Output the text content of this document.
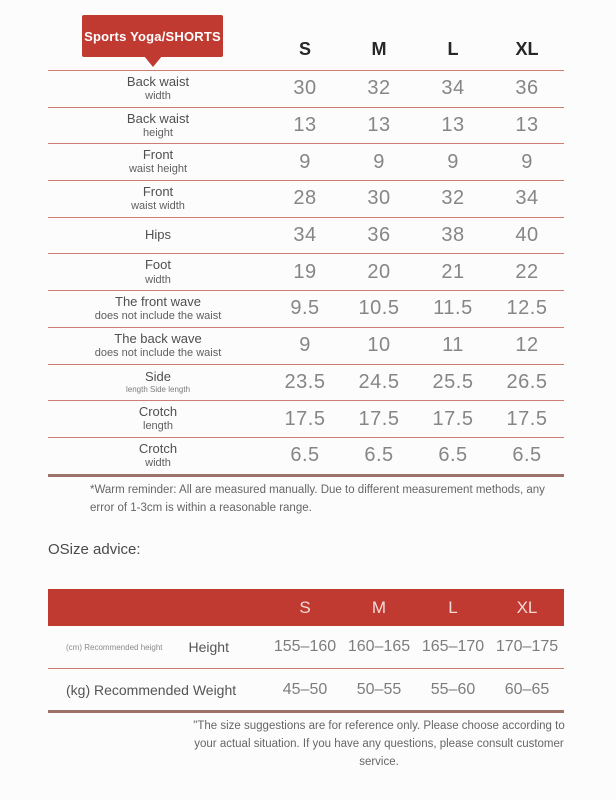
Sports Yoga/SHORTS
S	M	L	XL
Back waist
width	30	32	34	36
Back waist
height	13	13	13	13
Front
waist height	9	9	9	9
Front
waist width	28	30	32	34
Hips	34	36	38	40
Foot
width	19	20	21	22
The front wave
does not include the waist	9.5	10.5	11.5	12.5
The back wave
does not include the waist	9	10	11	12
Side
length Side length	23.5	24.5	25.5	26.5
Crotch
length	17.5	17.5	17.5	17.5
Crotch
width	6.5	6.5	6.5	6.5

*Warm reminder: All are measured manually. Due to different measurement methods, any error of 1-3cm is within a reasonable range.

OSize advice:
S	M	L	XL
(cm) Recommended height Height	155–160 160–165 165–170 170–175
(kg) Recommended Weight	45–50	50–55	55–60	60–65

"The size suggestions are for reference only. Please choose according to your actual situation. If you have any questions, please consult customer service.
